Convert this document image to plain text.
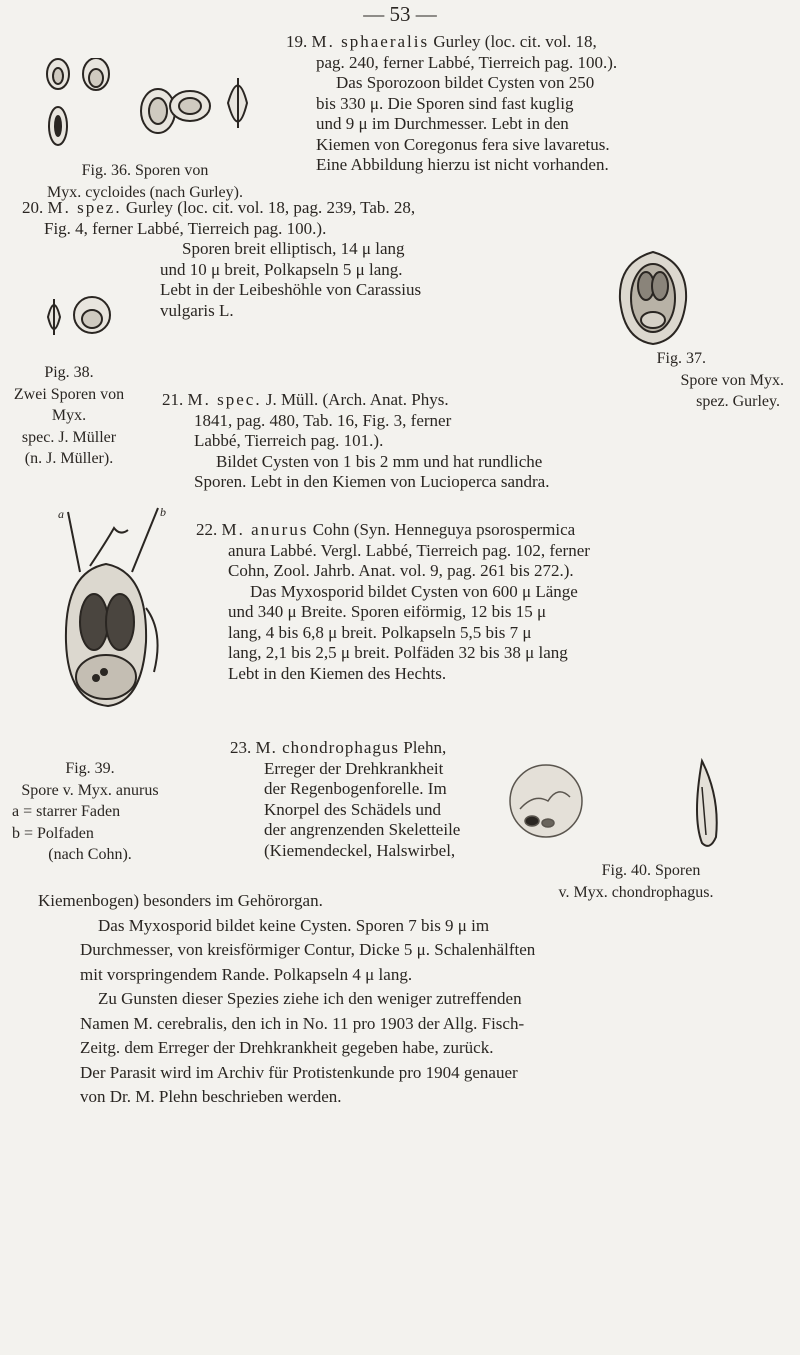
— 53 —
Fig. 36. Sporen von
Myx. cycloides (nach Gurley).
19. M. sphaeralis Gurley (loc. cit. vol. 18,
pag. 240, ferner Labbé, Tierreich pag. 100.).
Das Sporozoon bildet Cysten von 250
bis 330 μ. Die Sporen sind fast kuglig
und 9 μ im Durchmesser. Lebt in den
Kiemen von Coregonus fera sive lavaretus.
Eine Abbildung hierzu ist nicht vorhanden.
20. M. spez. Gurley (loc. cit. vol. 18, pag. 239, Tab. 28,
Fig. 4, ferner Labbé, Tierreich pag. 100.).
Sporen breit elliptisch, 14 μ lang
und 10 μ breit, Polkapseln 5 μ lang.
Lebt in der Leibeshöhle von Carassius
vulgaris L.
Pig. 38.
Zwei Sporen von
Myx.
spec. J. Müller
(n. J. Müller).
Fig. 37.
Spore von Myx.
spez. Gurley.
21. M. spec. J. Müll. (Arch. Anat. Phys.
1841, pag. 480, Tab. 16, Fig. 3, ferner
Labbé, Tierreich pag. 101.).
Bildet Cysten von 1 bis 2 mm und hat rundliche
Sporen. Lebt in den Kiemen von Lucioperca sandra.
a	b
Fig. 39.
Spore v. Myx. anurus
a = starrer Faden
b = Polfaden
(nach Cohn).
22. M. anurus Cohn (Syn. Henneguya psorospermica
anura Labbé. Vergl. Labbé, Tierreich pag. 102, ferner
Cohn, Zool. Jahrb. Anat. vol. 9, pag. 261 bis 272.).
Das Myxosporid bildet Cysten von 600 μ Länge
und 340 μ Breite. Sporen eiförmig, 12 bis 15 μ
lang, 4 bis 6,8 μ breit. Polkapseln 5,5 bis 7 μ
lang, 2,1 bis 2,5 μ breit. Polfäden 32 bis 38 μ lang
Lebt in den Kiemen des Hechts.
23. M. chondrophagus Plehn,
Erreger der Drehkrankheit
der Regenbogenforelle. Im
Knorpel des Schädels und
der angrenzenden Skeletteile
(Kiemendeckel, Halswirbel,
Kiemenbogen) besonders im Gehörorgan.
Das Myxosporid bildet keine Cysten. Sporen 7 bis 9 μ im
Durchmesser, von kreisförmiger Contur, Dicke 5 μ. Schalenhälften
mit vorspringendem Rande. Polkapseln 4 μ lang.
Zu Gunsten dieser Spezies ziehe ich den weniger zutreffenden
Namen M. cerebralis, den ich in No. 11 pro 1903 der Allg. Fisch-
Zeitg. dem Erreger der Drehkrankheit gegeben habe, zurück.
Der Parasit wird im Archiv für Protistenkunde pro 1904 genauer
von Dr. M. Plehn beschrieben werden.
Fig. 40. Sporen
v. Myx. chondrophagus.
